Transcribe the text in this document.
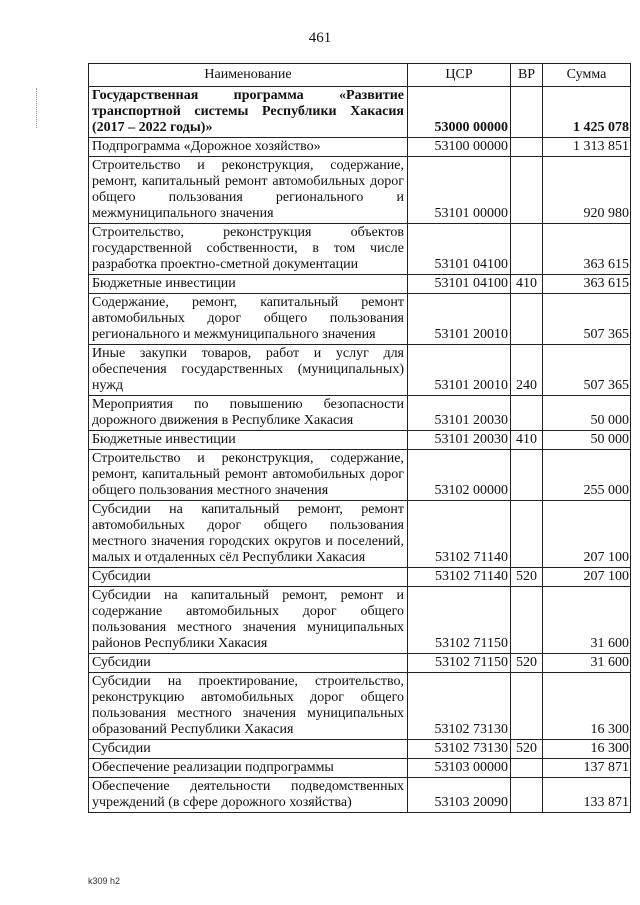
461
Наименование	ЦСР	ВР	Сумма
Государственная программа «Развитие транспортной системы Республики Хакасия (2017 – 2022 годы)»	53000 00000		1 425 078
Подпрограмма «Дорожное хозяйство»	53100 00000		1 313 851
Строительство и реконструкция, содержание, ремонт, капитальный ремонт автомобильных дорог общего пользования регионального и межмуниципального значения	53101 00000		920 980
Строительство, реконструкция объектов государственной собственности, в том числе разработка проектно-сметной документации	53101 04100		363 615
Бюджетные инвестиции	53101 04100	410	363 615
Содержание, ремонт, капитальный ремонт автомобильных дорог общего пользования регионального и межмуниципального значения	53101 20010		507 365
Иные закупки товаров, работ и услуг для обеспечения государственных (муниципальных) нужд	53101 20010	240	507 365
Мероприятия по повышению безопасности дорожного движения в Республике Хакасия	53101 20030		50 000
Бюджетные инвестиции	53101 20030	410	50 000
Строительство и реконструкция, содержание, ремонт, капитальный ремонт автомобильных дорог общего пользования местного значения	53102 00000		255 000
Субсидии на капитальный ремонт, ремонт автомобильных дорог общего пользования местного значения городских округов и поселений, малых и отдаленных сёл Республики Хакасия	53102 71140		207 100
Субсидии	53102 71140	520	207 100
Субсидии на капитальный ремонт, ремонт и содержание автомобильных дорог общего пользования местного значения муниципальных районов Республики Хакасия	53102 71150		31 600
Субсидии	53102 71150	520	31 600
Субсидии на проектирование, строительство, реконструкцию автомобильных дорог общего пользования местного значения муниципальных образований Республики Хакасия	53102 73130		16 300
Субсидии	53102 73130	520	16 300
Обеспечение реализации подпрограммы	53103 00000		137 871
Обеспечение деятельности подведомственных учреждений (в сфере дорожного хозяйства)	53103 20090		133 871
k309 h2
